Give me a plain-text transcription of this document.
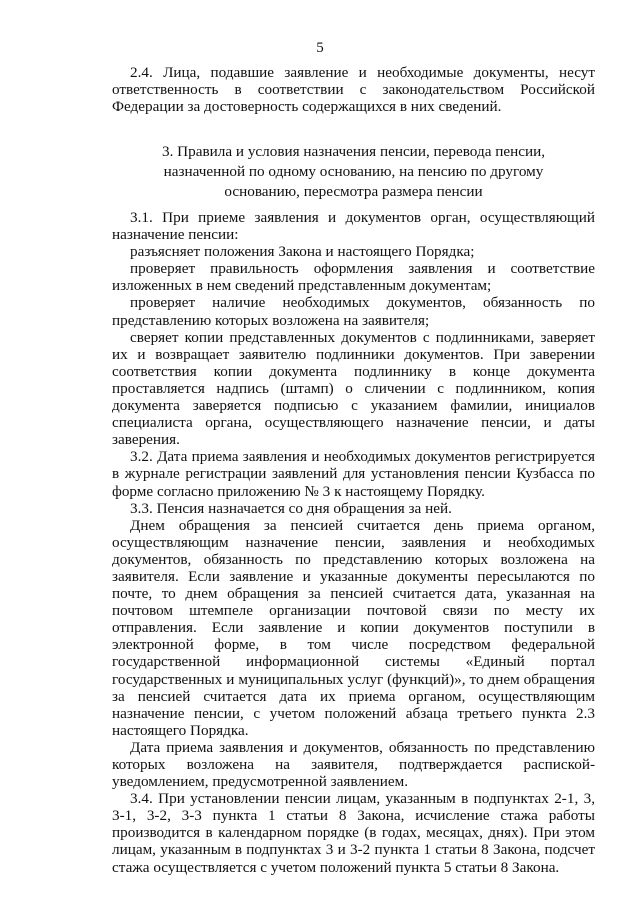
5

2.4. Лица, подавшие заявление и необходимые документы, несут ответственность в соответствии с законодательством Российской Федерации за достоверность содержащихся в них сведений.

3. Правила и условия назначения пенсии, перевода пенсии,
назначенной по одному основанию, на пенсию по другому
основанию, пересмотра размера пенсии

3.1. При приеме заявления и документов орган, осуществляющий назначение пенсии:

разъясняет положения Закона и настоящего Порядка;

проверяет правильность оформления заявления и соответствие изложенных в нем сведений представленным документам;

проверяет наличие необходимых документов, обязанность по представлению которых возложена на заявителя;

сверяет копии представленных документов с подлинниками, заверяет их и возвращает заявителю подлинники документов. При заверении соответствия копии документа подлиннику в конце документа проставляется надпись (штамп) о сличении с подлинником, копия документа заверяется подписью с указанием фамилии, инициалов специалиста органа, осуществляющего назначение пенсии, и даты заверения.

3.2. Дата приема заявления и необходимых документов регистрируется в журнале регистрации заявлений для установления пенсии Кузбасса по форме согласно приложению № 3 к настоящему Порядку.

3.3. Пенсия назначается со дня обращения за ней.

Днем обращения за пенсией считается день приема органом, осуществляющим назначение пенсии, заявления и необходимых документов, обязанность по представлению которых возложена на заявителя. Если заявление и указанные документы пересылаются по почте, то днем обращения за пенсией считается дата, указанная на почтовом штемпеле организации почтовой связи по месту их отправления. Если заявление и копии документов поступили в электронной форме, в том числе посредством федеральной государственной информационной системы «Единый портал государственных и муниципальных услуг (функций)», то днем обращения за пенсией считается дата их приема органом, осуществляющим назначение пенсии, с учетом положений абзаца третьего пункта 2.3 настоящего Порядка.

Дата приема заявления и документов, обязанность по представлению которых возложена на заявителя, подтверждается распиской-уведомлением, предусмотренной заявлением.

3.4. При установлении пенсии лицам, указанным в подпунктах 2-1, 3, 3-1, 3-2, 3-3 пункта 1 статьи 8 Закона, исчисление стажа работы производится в календарном порядке (в годах, месяцах, днях). При этом лицам, указанным в подпунктах 3 и 3-2 пункта 1 статьи 8 Закона, подсчет стажа осуществляется с учетом положений пункта 5 статьи 8 Закона.
